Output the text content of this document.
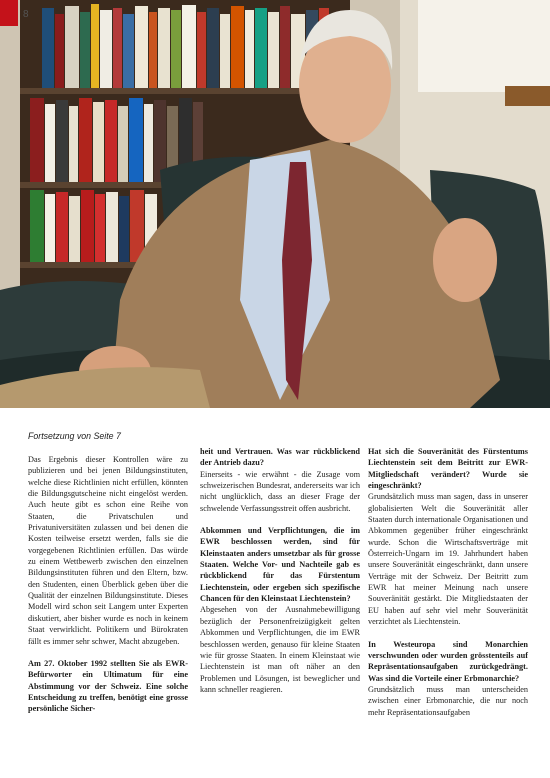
8
Fortsetzung von Seite 7

Das Ergebnis dieser Kontrollen wäre zu publizieren und bei jenen Bildungsinstituten, welche diese Richtlinien nicht erfüllen, könnten die Bildungsgutscheine nicht eingelöst werden. Auch heute gibt es schon eine Reihe von Staaten, die Privatschulen und Privatuniversitäten zulassen und bei denen die Kosten teilweise ersetzt werden, falls sie die vorgegebenen Richtlinien erfüllen. Das würde zu einem Wettbewerb zwischen den einzelnen Bildungsinstituten führen und den Eltern, bzw. den Studenten, einen Überblick geben über die Qualität der einzelnen Bildungsinstitute. Dieses Modell wird schon seit Langem unter Experten diskutiert, aber bisher wurde es noch in keinem Staat verwirklicht. Politikern und Bürokraten fällt es immer sehr schwer, Macht abzugeben.

Am 27. Oktober 1992 stellten Sie als EWR-Befürworter ein Ultimatum für eine Abstimmung vor der Schweiz. Eine solche Entscheidung zu treffen, benötigt eine grosse persönliche Sicher-

heit und Vertrauen. Was war rückblickend der Antrieb dazu?

Einerseits - wie erwähnt - die Zusage vom schweizerischen Bundesrat, andererseits war ich nicht unglücklich, dass an dieser Frage der schwelende Verfassungsstreit offen ausbricht.

Abkommen und Verpflichtungen, die im EWR beschlossen werden, sind für Kleinstaaten anders umsetzbar als für grosse Staaten. Welche Vor- und Nachteile gab es rückblickend für das Fürstentum Liechtenstein, oder ergeben sich spezifische Chancen für den Kleinstaat Liechtenstein?

Abgesehen von der Ausnahmebewilligung bezüglich der Personenfreizügigkeit gelten Abkommen und Verpflichtungen, die im EWR beschlossen werden, genauso für kleine Staaten wie für grosse Staaten. In einem Kleinstaat wie Liechtenstein ist man oft näher an den Problemen und Lösungen, ist beweglicher und kann schneller reagieren.

Hat sich die Souveränität des Fürstentums Liechtenstein seit dem Beitritt zur EWR-Mitgliedschaft verändert? Wurde sie eingeschränkt?

Grundsätzlich muss man sagen, dass in unserer globalisierten Welt die Souveränität aller Staaten durch internationale Organisationen und Abkommen gegenüber früher eingeschränkt wurde. Schon die Wirtschaftsverträge mit Österreich-Ungarn im 19. Jahrhundert haben unsere Souveränität eingeschränkt, dann unsere Verträge mit der Schweiz. Der Beitritt zum EWR hat meiner Meinung nach unsere Souveränität gestärkt. Die Mitgliedstaaten der EU haben auf sehr viel mehr Souveränität verzichtet als Liechtenstein.

In Westeuropa sind Monarchien verschwunden oder wurden grösstenteils auf Repräsentationsaufgaben zurückgedrängt. Was sind die Vorteile einer Erbmonarchie?

Grundsätzlich muss man unterscheiden zwischen einer Erbmonarchie, die nur noch mehr Repräsentationsaufgaben
